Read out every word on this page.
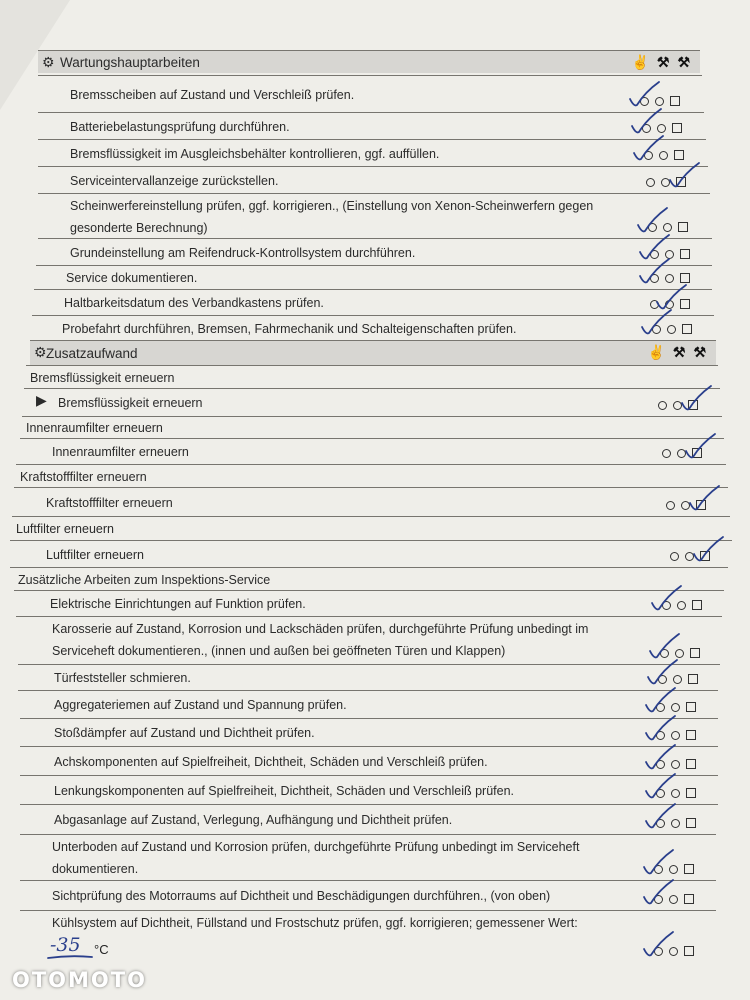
⚙ Wartungshauptarbeiten	✌ ⚒ ⚒
Bremsscheiben auf Zustand und Verschleiß prüfen.
Batteriebelastungsprüfung durchführen.
Bremsflüssigkeit im Ausgleichsbehälter kontrollieren, ggf. auffüllen.
Serviceintervallanzeige zurückstellen.
Scheinwerfereinstellung prüfen, ggf. korrigieren., (Einstellung von Xenon-Scheinwerfern gegen gesonderte Berechnung)
Grundeinstellung am Reifendruck-Kontrollsystem durchführen.
Service dokumentieren.
Haltbarkeitsdatum des Verbandkastens prüfen.
Probefahrt durchführen, Bremsen, Fahrmechanik und Schalteigenschaften prüfen.
⚙ Zusatzaufwand	✌ ⚒ ⚒
Bremsflüssigkeit erneuern
▶ Bremsflüssigkeit erneuern
Innenraumfilter erneuern
Innenraumfilter erneuern
Kraftstofffilter erneuern
Kraftstofffilter erneuern
Luftfilter erneuern
Luftfilter erneuern
Zusätzliche Arbeiten zum Inspektions-Service
Elektrische Einrichtungen auf Funktion prüfen.
Karosserie auf Zustand, Korrosion und Lackschäden prüfen, durchgeführte Prüfung unbedingt im Serviceheft dokumentieren., (innen und außen bei geöffneten Türen und Klappen)
Türfeststeller schmieren.
Aggregateriemen auf Zustand und Spannung prüfen.
Stoßdämpfer auf Zustand und Dichtheit prüfen.
Achskomponenten auf Spielfreiheit, Dichtheit, Schäden und Verschleiß prüfen.
Lenkungskomponenten auf Spielfreiheit, Dichtheit, Schäden und Verschleiß prüfen.
Abgasanlage auf Zustand, Verlegung, Aufhängung und Dichtheit prüfen.
Unterboden auf Zustand und Korrosion prüfen, durchgeführte Prüfung unbedingt im Serviceheft dokumentieren.
Sichtprüfung des Motorraums auf Dichtheit und Beschädigungen durchführen., (von oben)
Kühlsystem auf Dichtheit, Füllstand und Frostschutz prüfen, ggf. korrigieren; gemessener Wert:
-35 °C
OTOMOTO
